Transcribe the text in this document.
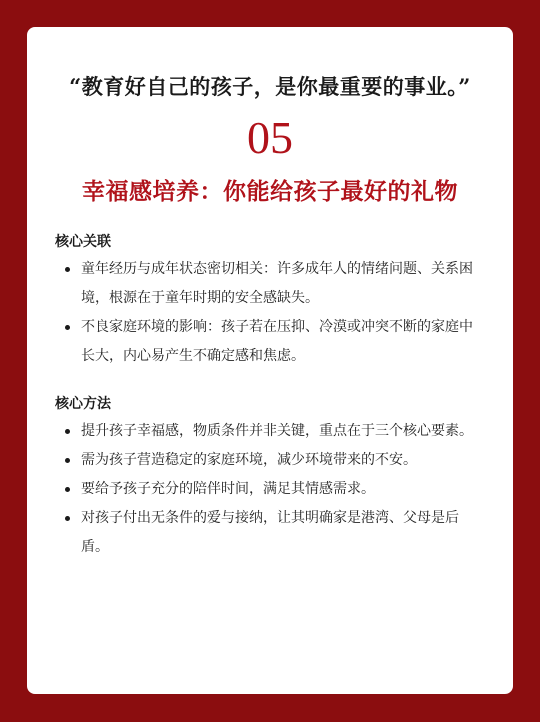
“教育好自己的孩子，是你最重要的事业。”
05
幸福感培养：你能给孩子最好的礼物
核心关联
童年经历与成年状态密切相关：许多成年人的情绪问题、关系困境，根源在于童年时期的安全感缺失。
不良家庭环境的影响：孩子若在压抑、冷漠或冲突不断的家庭中长大，内心易产生不确定感和焦虑。
核心方法
提升孩子幸福感，物质条件并非关键，重点在于三个核心要素。
需为孩子营造稳定的家庭环境，减少环境带来的不安。
要给予孩子充分的陪伴时间，满足其情感需求。
对孩子付出无条件的爱与接纳，让其明确家是港湾、父母是后盾。
